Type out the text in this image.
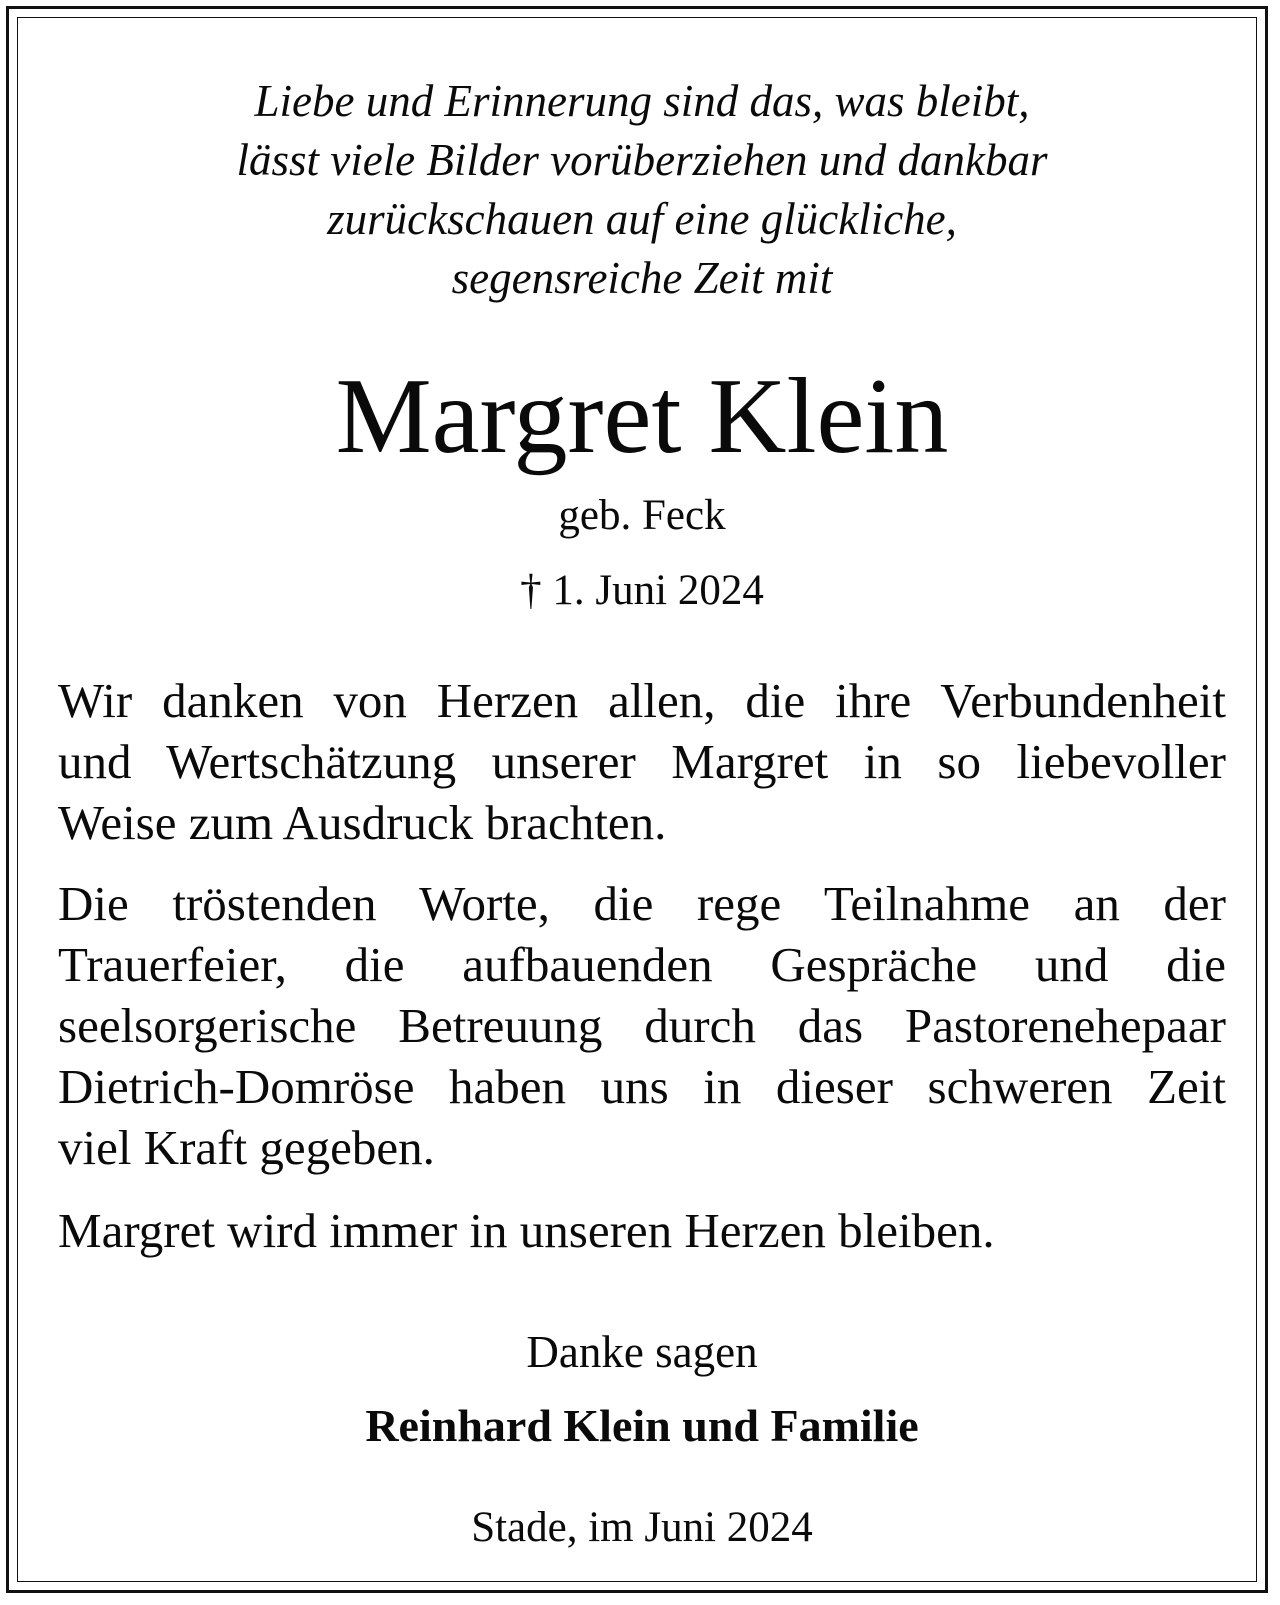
Liebe und Erinnerung sind das, was bleibt,
lässt viele Bilder vorüberziehen und dankbar
zurückschauen auf eine glückliche,
segensreiche Zeit mit
Margret Klein
geb. Feck
† 1. Juni 2024
Wir danken von Herzen allen, die ihre Verbundenheit
und Wertschätzung unserer Margret in so liebevoller
Weise zum Ausdruck brachten.
Die tröstenden Worte, die rege Teilnahme an der
Trauerfeier, die aufbauenden Gespräche und die
seelsorgerische Betreuung durch das Pastorenehepaar
Dietrich-Domröse haben uns in dieser schweren Zeit
viel Kraft gegeben.
Margret wird immer in unseren Herzen bleiben.
Danke sagen
Reinhard Klein und Familie
Stade, im Juni 2024
